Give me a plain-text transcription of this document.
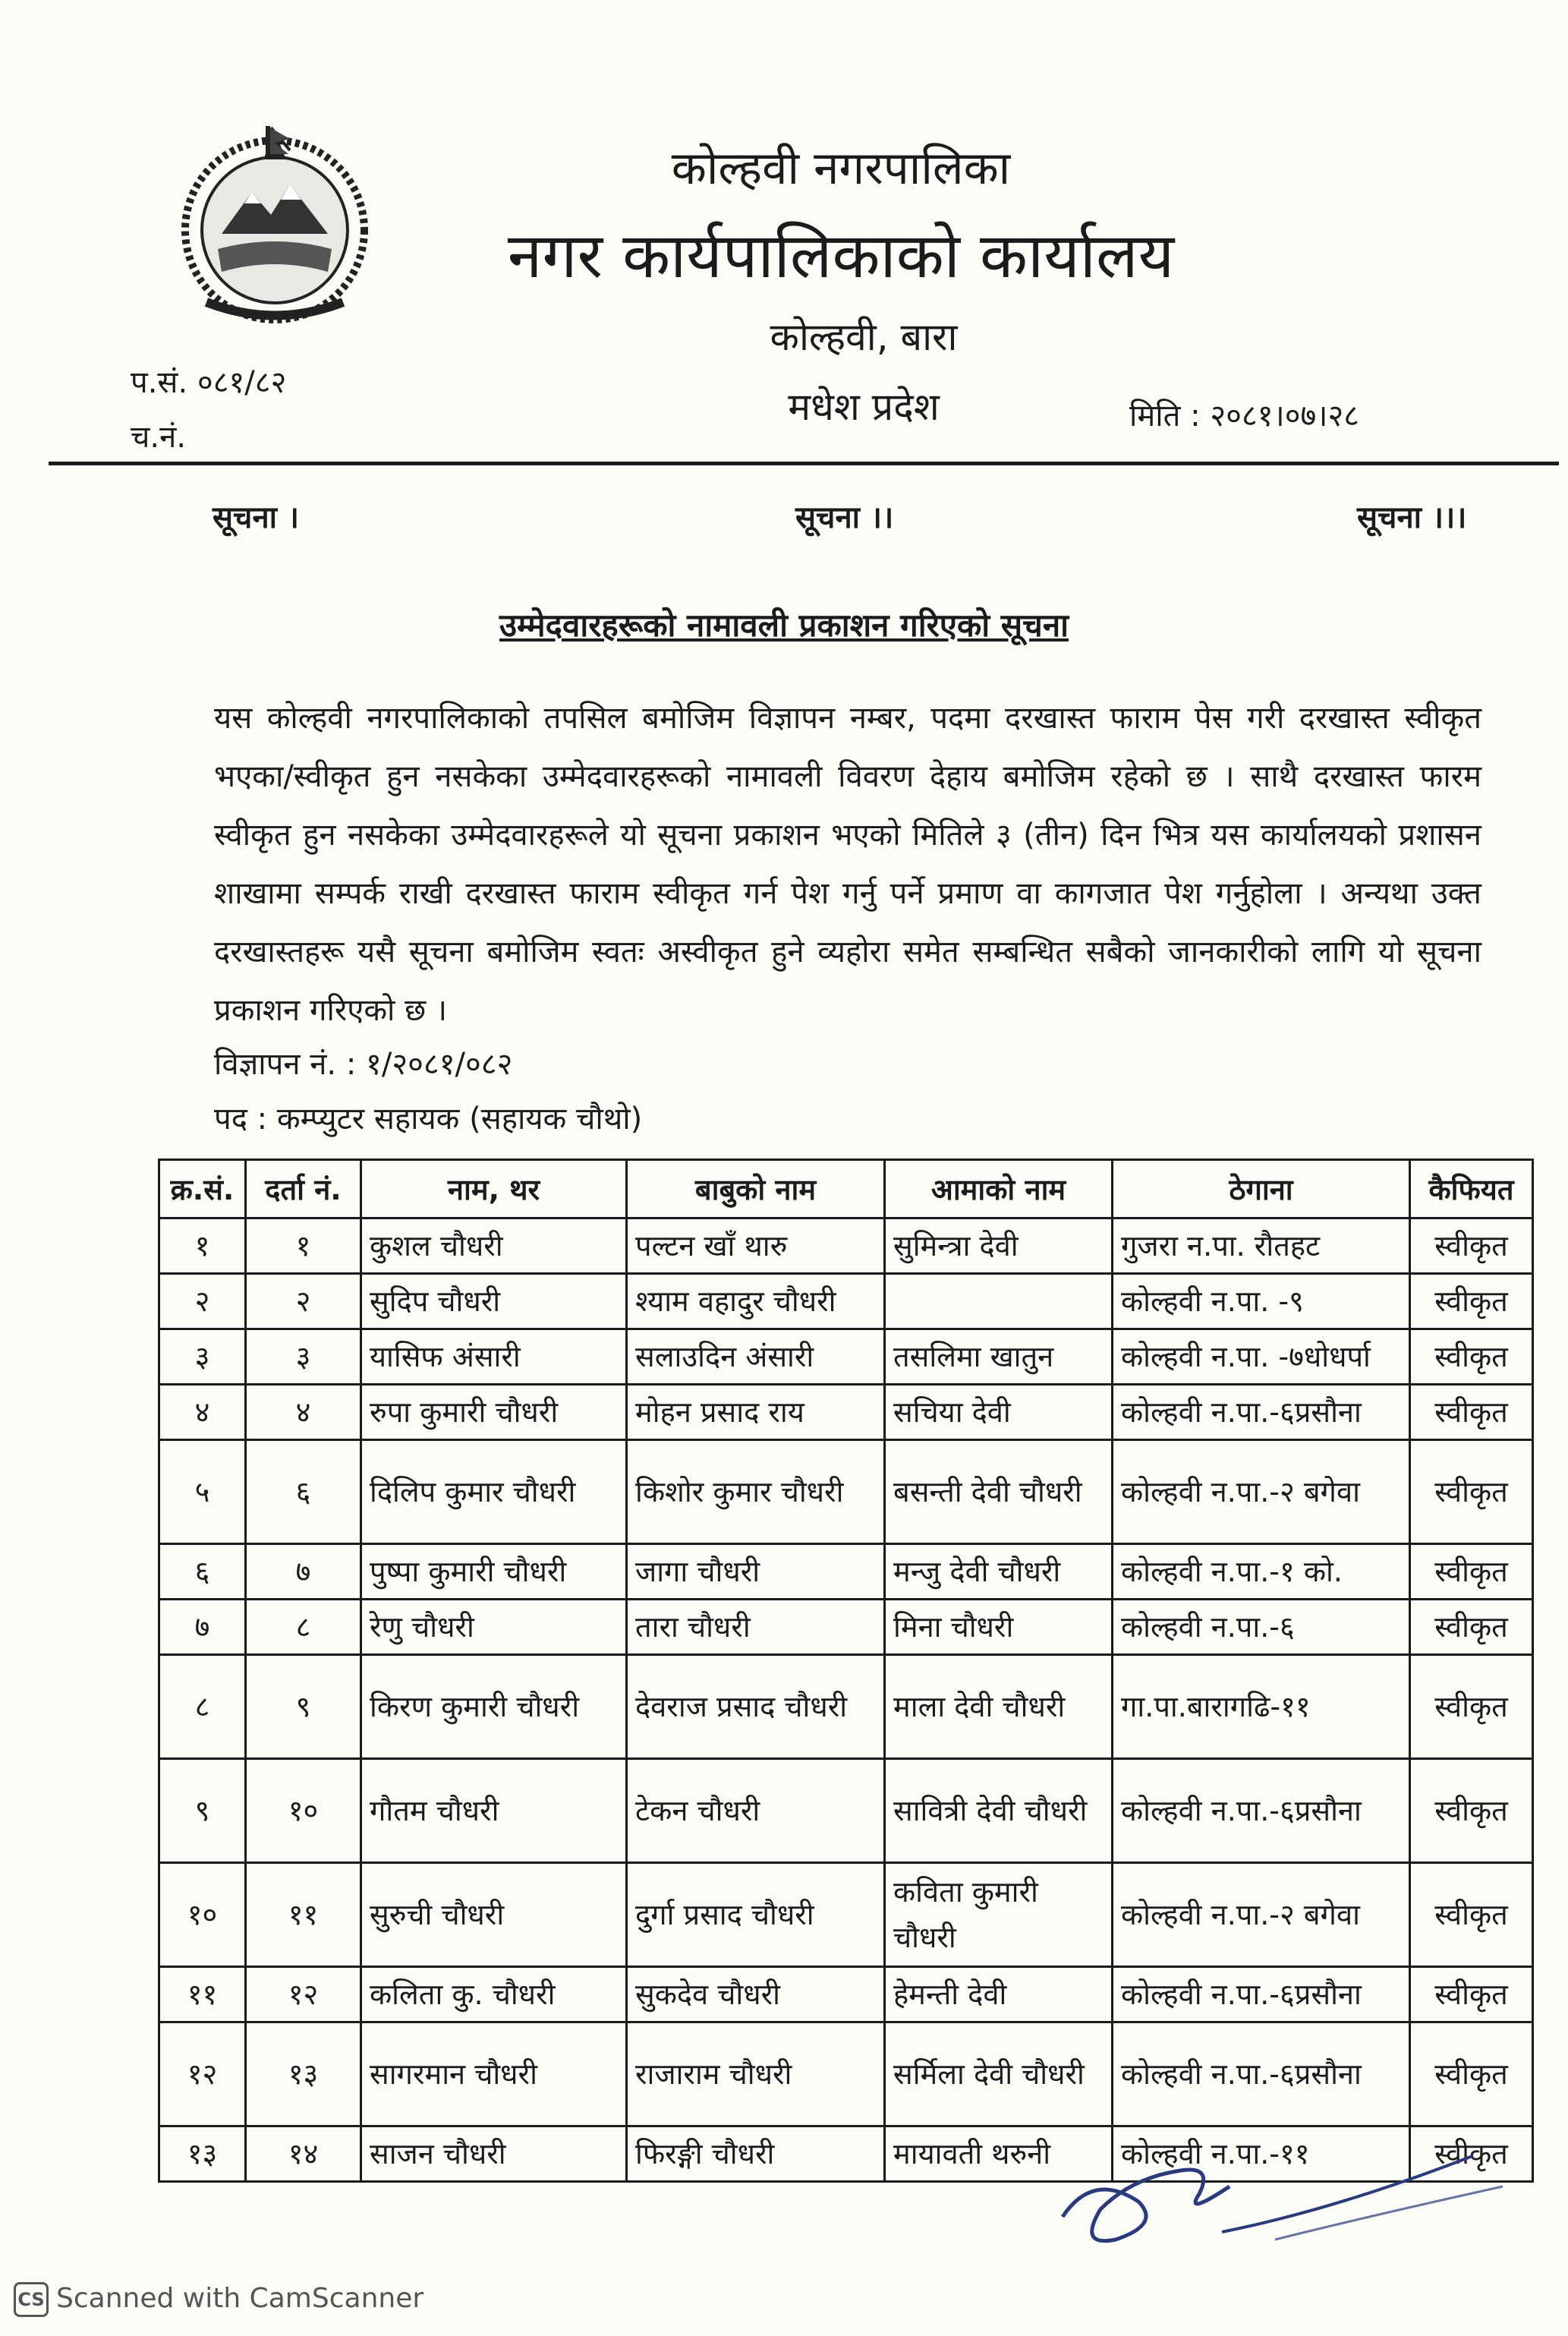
कोल्हवी नगरपालिका
नगर कार्यपालिकाको कार्यालय
कोल्हवी, बारा
मधेश प्रदेश
प.सं. ०८१/८२
च.नं.
मिति : २०८१।०७।२८
सूचना ।	सूचना ।।	सूचना ।।।
उम्मेदवारहरूको नामावली प्रकाशन गरिएको सूचना
यस कोल्हवी नगरपालिकाको तपसिल बमोजिम विज्ञापन नम्बर, पदमा दरखास्त फाराम पेस गरी दरखास्त स्वीकृत भएका/स्वीकृत हुन नसकेका उम्मेदवारहरूको नामावली विवरण देहाय बमोजिम रहेको छ । साथै दरखास्त फारम स्वीकृत हुन नसकेका उम्मेदवारहरूले यो सूचना प्रकाशन भएको मितिले ३ (तीन) दिन भित्र यस कार्यालयको प्रशासन शाखामा सम्पर्क राखी दरखास्त फाराम स्वीकृत गर्न पेश गर्नु पर्ने प्रमाण वा कागजात पेश गर्नुहोला । अन्यथा उक्त दरखास्तहरू यसै सूचना बमोजिम स्वतः अस्वीकृत हुने व्यहोरा समेत सम्बन्धित सबैको जानकारीको लागि यो सूचना प्रकाशन गरिएको छ ।
विज्ञापन नं. : १/२०८१/०८२
पद : कम्प्युटर सहायक (सहायक चौथो)
क्र.सं.	दर्ता नं.	नाम, थर	बाबुको नाम	आमाको नाम	ठेगाना	कैफियत
१	१	कुशल चौधरी	पल्टन खाँ थारु	सुमिन्त्रा देवी	गुजरा न.पा. रौतहट	स्वीकृत
२	२	सुदिप चौधरी	श्याम वहादुर चौधरी		कोल्हवी न.पा. -९	स्वीकृत
३	३	यासिफ अंसारी	सलाउदिन अंसारी	तसलिमा खातुन	कोल्हवी न.पा. -७धोधर्पा	स्वीकृत
४	४	रुपा कुमारी चौधरी	मोहन प्रसाद राय	सचिया देवी	कोल्हवी न.पा.-६प्रसौना	स्वीकृत
५	६	दिलिप कुमार चौधरी	किशोर कुमार चौधरी	बसन्ती देवी चौधरी	कोल्हवी न.पा.-२ बगेवा	स्वीकृत
६	७	पुष्पा कुमारी चौधरी	जागा चौधरी	मन्जु देवी चौधरी	कोल्हवी न.पा.-१ को.	स्वीकृत
७	८	रेणु चौधरी	तारा चौधरी	मिना चौधरी	कोल्हवी न.पा.-६	स्वीकृत
८	९	किरण कुमारी चौधरी	देवराज प्रसाद चौधरी	माला देवी चौधरी	गा.पा.बारागढि-११	स्वीकृत
९	१०	गौतम चौधरी	टेकन चौधरी	सावित्री देवी चौधरी	कोल्हवी न.पा.-६प्रसौना	स्वीकृत
१०	११	सुरुची चौधरी	दुर्गा प्रसाद चौधरी	कविता कुमारी चौधरी	कोल्हवी न.पा.-२ बगेवा	स्वीकृत
११	१२	कलिता कु. चौधरी	सुकदेव चौधरी	हेमन्ती देवी	कोल्हवी न.पा.-६प्रसौना	स्वीकृत
१२	१३	सागरमान चौधरी	राजाराम चौधरी	सर्मिला देवी चौधरी	कोल्हवी न.पा.-६प्रसौना	स्वीकृत
१३	१४	साजन चौधरी	फिरङ्गी चौधरी	मायावती थरुनी	कोल्हवी न.पा.-११	स्वीकृत
CS Scanned with CamScanner
